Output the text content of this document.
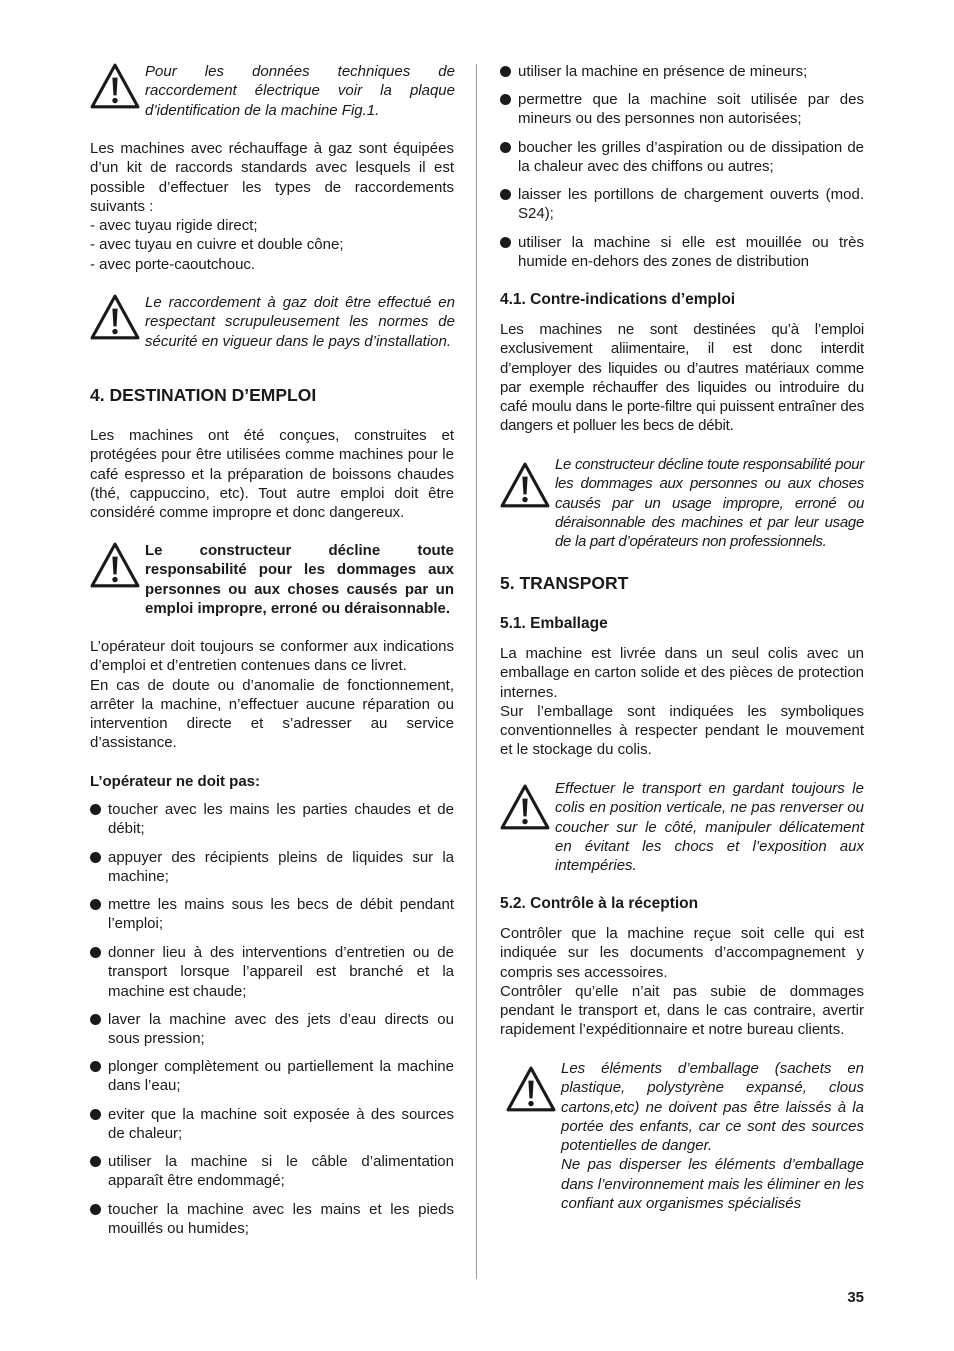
Pour les données techniques de raccordement électrique voir la plaque d’identification de la machine Fig.1.

Les machines avec réchauffage à gaz sont équipées d’un kit de raccords standards avec lesquels il est possible d’effectuer les types de raccordements suivants :

- avec tuyau rigide direct;

- avec tuyau en cuivre et double cône;

- avec porte-caoutchouc.

Le raccordement à gaz doit être effectué en respectant scrupuleusement les normes de sécurité en vigueur dans le pays d’installation.

4. DESTINATION D’EMPLOI

Les machines ont été conçues, construites et protégées pour être utilisées comme machines pour le café espresso et la préparation de boissons chaudes (thé, cappuccino, etc). Tout autre emploi doit être considéré comme impropre et donc dangereux.

Le constructeur décline toute responsabilité pour les dommages aux personnes ou aux choses causés par un emploi impropre, erroné ou déraisonnable.

L’opérateur doit toujours se conformer aux indications d’emploi et d’entretien contenues dans ce livret.

En cas de doute ou d’anomalie de fonctionnement, arrêter la machine, n’effectuer aucune réparation ou intervention directe et s’adresser au service d’assistance.

L’opérateur ne doit pas:

toucher avec les mains les parties chaudes et de débit;
appuyer des récipients pleins de liquides sur la machine;
mettre les mains sous les becs de débit pendant l’emploi;
donner lieu à des interventions d’entretien ou de transport lorsque l’appareil est branché et la machine est chaude;
laver la machine avec des jets d’eau directs ou sous pression;
plonger complètement ou partiellement la machine dans l’eau;
eviter que la machine soit exposée à des sources de chaleur;
utiliser la machine si le câble d’alimentation apparaît être endommagé;
toucher la machine avec les mains et les pieds mouillés ou humides;
utiliser la machine en présence de mineurs;
permettre que la machine soit utilisée par des mineurs ou des personnes non autorisées;
boucher les grilles d’aspiration ou de dissipation de la chaleur avec des chiffons ou autres;
laisser les portillons de chargement ouverts (mod. S24);
utiliser la machine si elle est mouillée ou très humide en-dehors des zones de distribution

4.1. Contre-indications d’emploi

Les machines ne sont destinées qu’à l’emploi exclusivement aliimentaire, il est donc interdit d’employer des liquides ou d’autres matériaux comme par exemple réchauffer des liquides ou introduire du café moulu dans le porte-filtre qui puissent entraîner des dangers et polluer les becs de débit.

Le constructeur décline toute responsabilité pour les dommages aux personnes ou aux choses causés par un usage impropre, erroné ou déraisonnable des machines et par leur usage de la part d’opérateurs non professionnels.

5. TRANSPORT

5.1. Emballage

La machine est livrée dans un seul colis avec un emballage en carton solide et des pièces de protection internes.

Sur l’emballage sont indiquées les symboliques conventionnelles à respecter pendant le mouvement et le stockage du colis.

Effectuer le transport en gardant toujours le colis en position verticale, ne pas renverser ou coucher sur le côté, manipuler délicatement en évitant les chocs et l’exposition aux intempéries.

5.2. Contrôle à la réception

Contrôler que la machine reçue soit celle qui est indiquée sur les documents d’accompagnement y compris ses accessoires.

Contrôler qu’elle n’ait pas subie de dommages pendant le transport et, dans le cas contraire, avertir rapidement l’expéditionnaire et notre bureau clients.

Les éléments d’emballage (sachets en plastique, polystyrène expansé, clous cartons,etc) ne doivent pas être laissés à la portée des enfants, car ce sont des sources potentielles de danger.

Ne pas disperser les éléments d’emballage dans l’environnement mais les éliminer en les confiant aux organismes spécialisés

35
